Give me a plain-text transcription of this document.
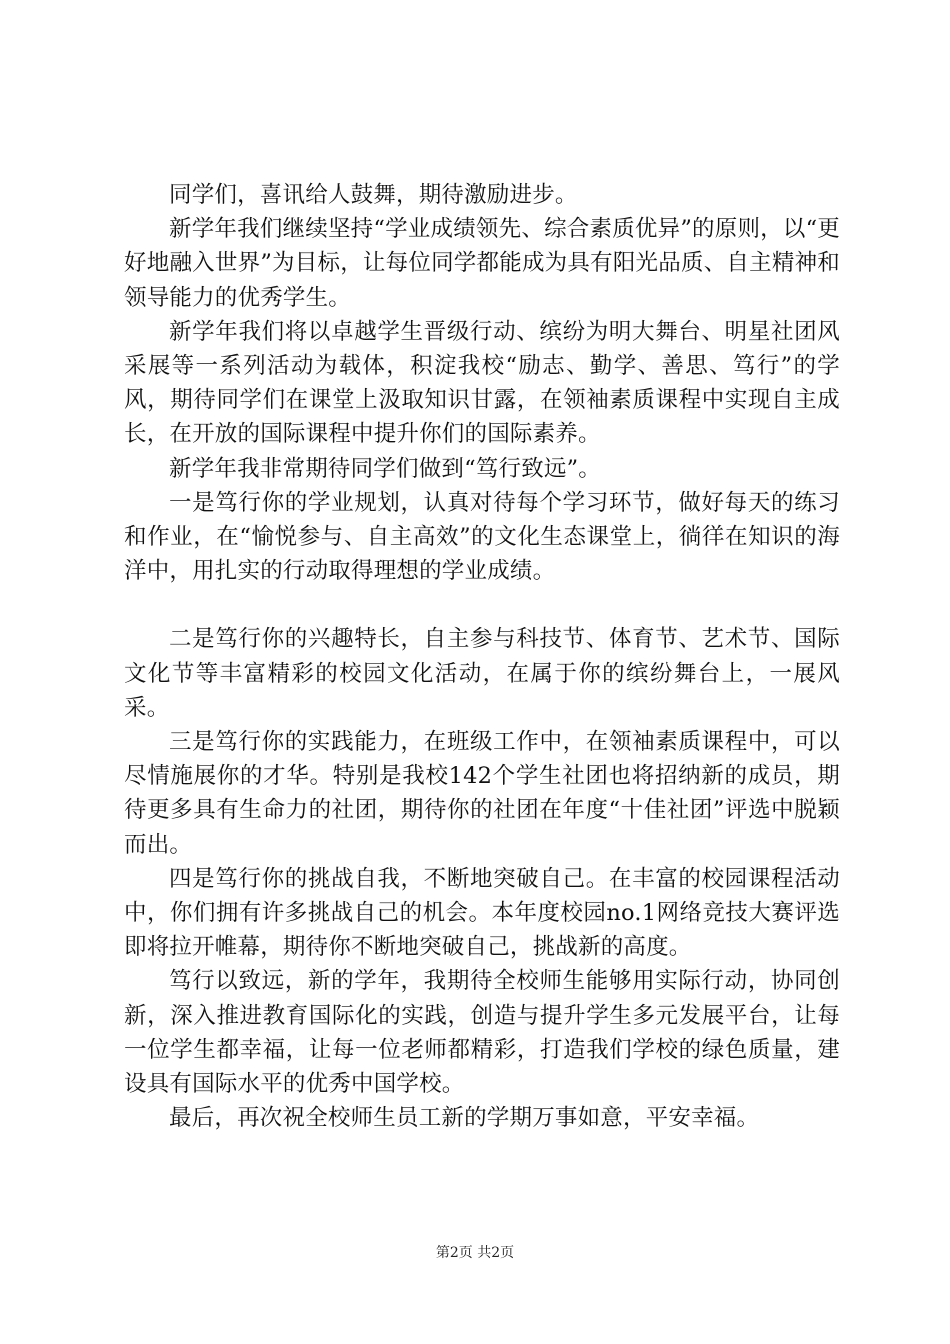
同学们，喜讯给人鼓舞，期待激励进步。

新学年我们继续坚持“学业成绩领先、综合素质优异”的原则，以“更好地融入世界”为目标，让每位同学都能成为具有阳光品质、自主精神和领导能力的优秀学生。

新学年我们将以卓越学生晋级行动、缤纷为明大舞台、明星社团风采展等一系列活动为载体，积淀我校“励志、勤学、善思、笃行”的学风，期待同学们在课堂上汲取知识甘露，在领袖素质课程中实现自主成长，在开放的国际课程中提升你们的国际素养。

新学年我非常期待同学们做到“笃行致远”。

一是笃行你的学业规划，认真对待每个学习环节，做好每天的练习和作业，在“愉悦参与、自主高效”的文化生态课堂上，徜徉在知识的海洋中，用扎实的行动取得理想的学业成绩。

二是笃行你的兴趣特长，自主参与科技节、体育节、艺术节、国际文化节等丰富精彩的校园文化活动，在属于你的缤纷舞台上，一展风采。

三是笃行你的实践能力，在班级工作中，在领袖素质课程中，可以尽情施展你的才华。特别是我校142个学生社团也将招纳新的成员，期待更多具有生命力的社团，期待你的社团在年度“十佳社团”评选中脱颖而出。

四是笃行你的挑战自我，不断地突破自己。在丰富的校园课程活动中，你们拥有许多挑战自己的机会。本年度校园no.1网络竞技大赛评选即将拉开帷幕，期待你不断地突破自己，挑战新的高度。

笃行以致远，新的学年，我期待全校师生能够用实际行动，协同创新，深入推进教育国际化的实践，创造与提升学生多元发展平台，让每一位学生都幸福，让每一位老师都精彩，打造我们学校的绿色质量，建设具有国际水平的优秀中国学校。

最后，再次祝全校师生员工新的学期万事如意，平安幸福。

第2页 共2页
